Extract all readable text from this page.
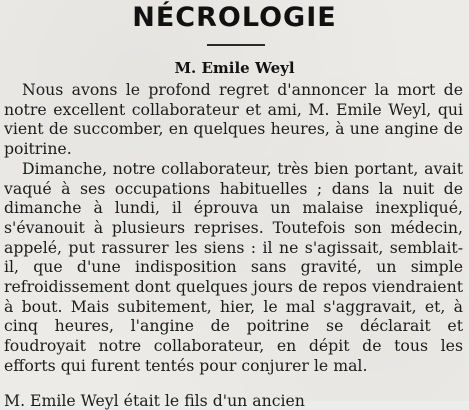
NÉCROLOGIE
M. Emile Weyl

Nous avons le profond regret d'annoncer la mort de notre excellent collaborateur et ami, M. Emile Weyl, qui vient de succomber, en quelques heures, à une angine de poitrine.

Dimanche, notre collaborateur, très bien portant, avait vaqué à ses occupations habituelles ; dans la nuit de dimanche à lundi, il éprouva un malaise inexpliqué, s'évanouit à plusieurs reprises. Toutefois son médecin, appelé, put rassurer les siens : il ne s'agissait, semblait-il, que d'une indisposition sans gravité, un simple refroidissement dont quelques jours de repos viendraient à bout. Mais subitement, hier, le mal s'aggravait, et, à cinq heures, l'angine de poitrine se déclarait et foudroyait notre collaborateur, en dépit de tous les efforts qui furent tentés pour conjurer le mal.

M. Emile Weyl était le fils d'un ancien
